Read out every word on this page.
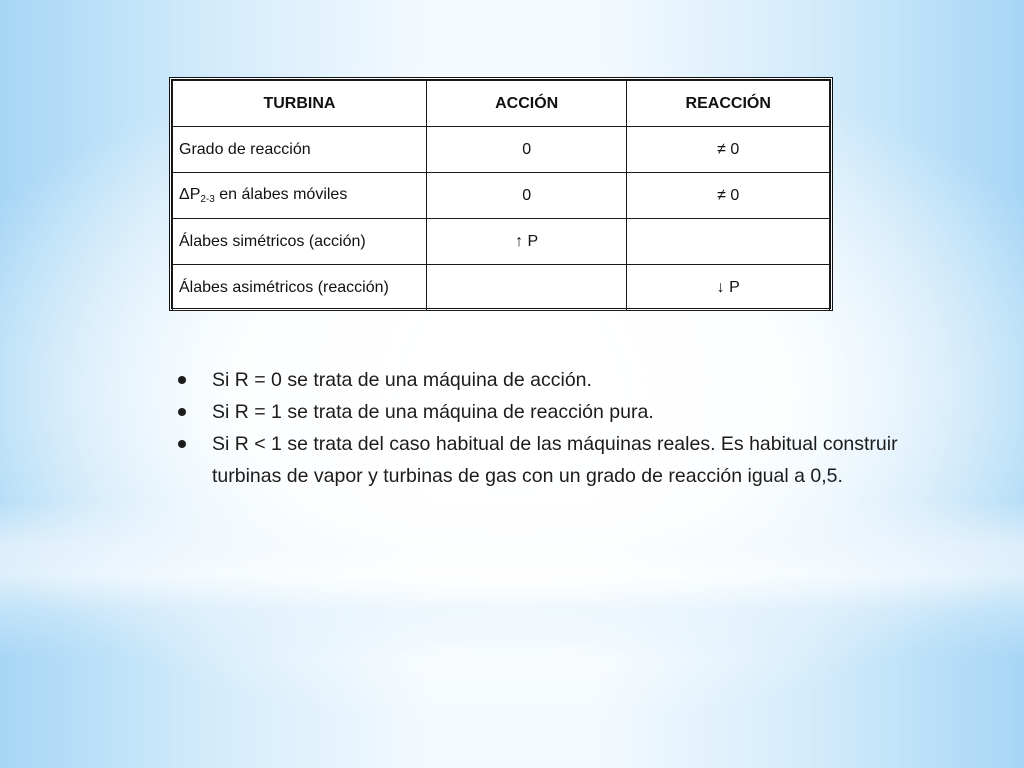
TURBINA	ACCIÓN	REACCIÓN
Grado de reacción	0	≠ 0
$\Delta P_{2-3}$ en álabes móviles	0	≠ 0
Álabes simétricos (acción)	↑ P	
Álabes asimétricos (reacción)		↓ P
Si R = 0 se trata de una máquina de acción.
Si R = 1 se trata de una máquina de reacción pura.
Si R < 1 se trata del caso habitual de las máquinas reales. Es habitual construir turbinas de vapor y turbinas de gas con un grado de reacción igual a 0,5.
